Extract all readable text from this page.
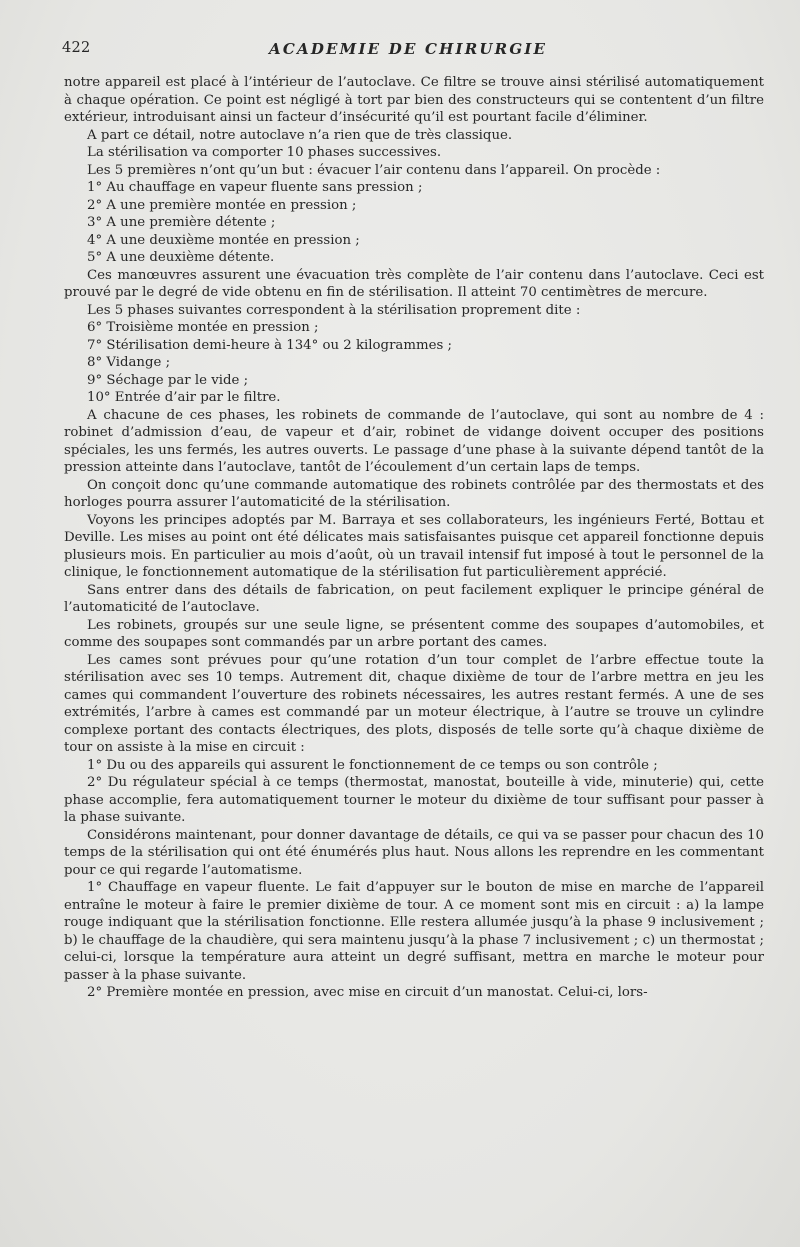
422	ACADEMIE DE CHIRURGIE

notre appareil est placé à l’intérieur de l’autoclave. Ce filtre se trouve ainsi stérilisé automatiquement à chaque opération. Ce point est négligé à tort par bien des constructeurs qui se contentent d’un filtre extérieur, introduisant ainsi un facteur d’insécurité qu’il est pourtant facile d’éliminer.

A part ce détail, notre autoclave n’a rien que de très classique.

La stérilisation va comporter 10 phases successives.

Les 5 premières n’ont qu’un but : évacuer l’air contenu dans l’appareil. On procède :

1° Au chauffage en vapeur fluente sans pression ;

2° A une première montée en pression ;

3° A une première détente ;

4° A une deuxième montée en pression ;

5° A une deuxième détente.

Ces manœuvres assurent une évacuation très complète de l’air contenu dans l’autoclave. Ceci est prouvé par le degré de vide obtenu en fin de stérilisation. Il atteint 70 centimètres de mercure.

Les 5 phases suivantes correspondent à la stérilisation proprement dite :

6° Troisième montée en pression ;

7° Stérilisation demi-heure à 134° ou 2 kilogrammes ;

8° Vidange ;

9° Séchage par le vide ;

10° Entrée d’air par le filtre.

A chacune de ces phases, les robinets de commande de l’autoclave, qui sont au nombre de 4 : robinet d’admission d’eau, de vapeur et d’air, robinet de vidange doivent occuper des positions spéciales, les uns fermés, les autres ouverts. Le passage d’une phase à la suivante dépend tantôt de la pression atteinte dans l’autoclave, tantôt de l’écoulement d’un certain laps de temps.

On conçoit donc qu’une commande automatique des robinets contrôlée par des thermostats et des horloges pourra assurer l’automaticité de la stérilisation.

Voyons les principes adoptés par M. Barraya et ses collaborateurs, les ingénieurs Ferté, Bottau et Deville. Les mises au point ont été délicates mais satisfaisantes puisque cet appareil fonctionne depuis plusieurs mois. En particulier au mois d’août, où un travail intensif fut imposé à tout le personnel de la clinique, le fonctionnement automatique de la stérilisation fut particulièrement apprécié.

Sans entrer dans des détails de fabrication, on peut facilement expliquer le principe général de l’automaticité de l’autoclave.

Les robinets, groupés sur une seule ligne, se présentent comme des soupapes d’automobiles, et comme des soupapes sont commandés par un arbre portant des cames.

Les cames sont prévues pour qu’une rotation d’un tour complet de l’arbre effectue toute la stérilisation avec ses 10 temps. Autrement dit, chaque dixième de tour de l’arbre mettra en jeu les cames qui commandent l’ouverture des robinets nécessaires, les autres restant fermés. A une de ses extrémités, l’arbre à cames est commandé par un moteur électrique, à l’autre se trouve un cylindre complexe portant des contacts électriques, des plots, disposés de telle sorte qu’à chaque dixième de tour on assiste à la mise en circuit :

1° Du ou des appareils qui assurent le fonctionnement de ce temps ou son contrôle ;

2° Du régulateur spécial à ce temps (thermostat, manostat, bouteille à vide, minuterie) qui, cette phase accomplie, fera automatiquement tourner le moteur du dixième de tour suffisant pour passer à la phase suivante.

Considérons maintenant, pour donner davantage de détails, ce qui va se passer pour chacun des 10 temps de la stérilisation qui ont été énumérés plus haut. Nous allons les reprendre en les commentant pour ce qui regarde l’automatisme.

1° Chauffage en vapeur fluente. Le fait d’appuyer sur le bouton de mise en marche de l’appareil entraîne le moteur à faire le premier dixième de tour. A ce moment sont mis en circuit : a) la lampe rouge indiquant que la stérilisation fonctionne. Elle restera allumée jusqu’à la phase 9 inclusivement ; b) le chauffage de la chaudière, qui sera maintenu jusqu’à la phase 7 inclusivement ; c) un thermostat ; celui-ci, lorsque la température aura atteint un degré suffisant, mettra en marche le moteur pour passer à la phase suivante.

2° Première montée en pression, avec mise en circuit d’un manostat. Celui-ci, lors-
